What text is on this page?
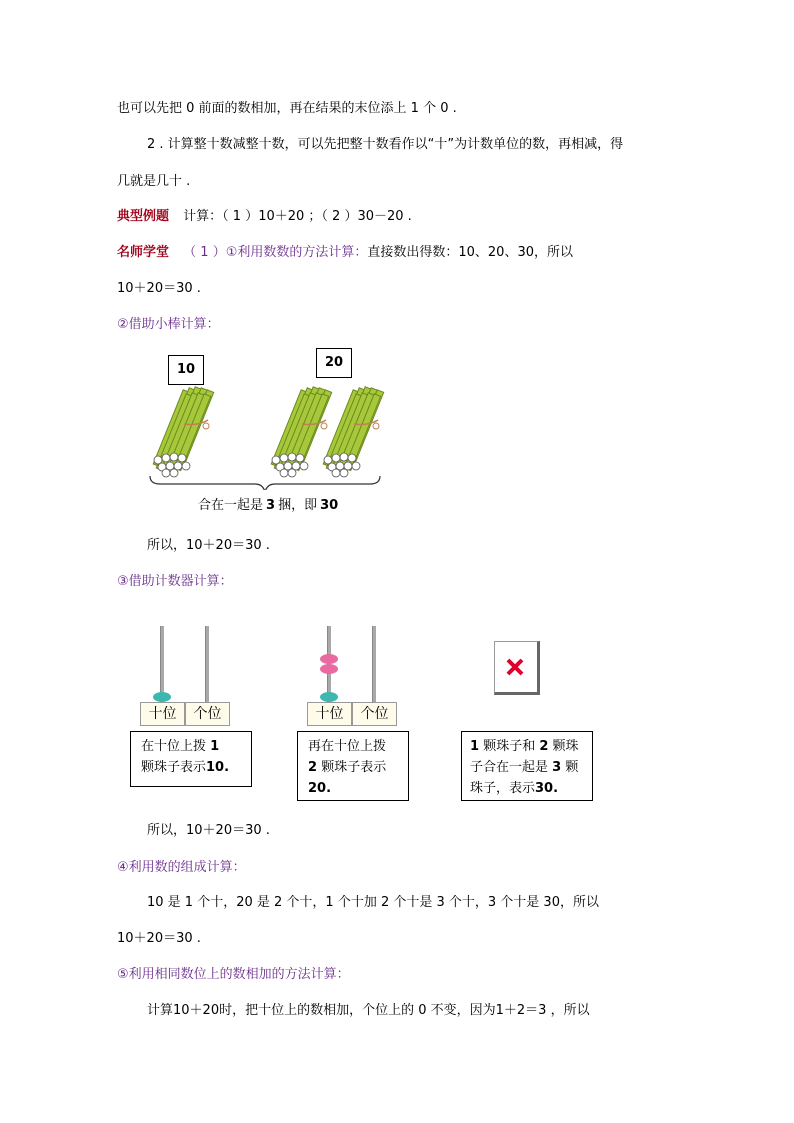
也可以先把 0 前面的数相加，再在结果的末位添上 1 个 0 .
2 . 计算整十数减整十数，可以先把整十数看作以“十”为计数单位的数，再相减，得
几就是几十 .
典型例题 计算：（ 1 ）10＋20 ；（ 2 ）30－20 .
名师学堂 （ 1 ）①利用数数的方法计算：直接数出得数：10、20、30，所以
10＋20＝30 .
②借助小棒计算：
10	20
合在一起是 3 捆，即 30
所以，10＋20＝30 .
③借助计数器计算：
十位	个位
在十位上拨 1
颗珠子表示10.
十位	个位
再在十位上拨
2 颗珠子表示
20.
1 颗珠子和 2 颗珠
子合在一起是 3 颗
珠子，表示30.
所以，10＋20＝30 .
④利用数的组成计算：
10 是 1 个十，20 是 2 个十，1 个十加 2 个十是 3 个十，3 个十是 30，所以
10＋20＝30 .
⑤利用相同数位上的数相加的方法计算：
计算10＋20时，把十位上的数相加，个位上的 0 不变，因为1＋2＝3 ，所以
